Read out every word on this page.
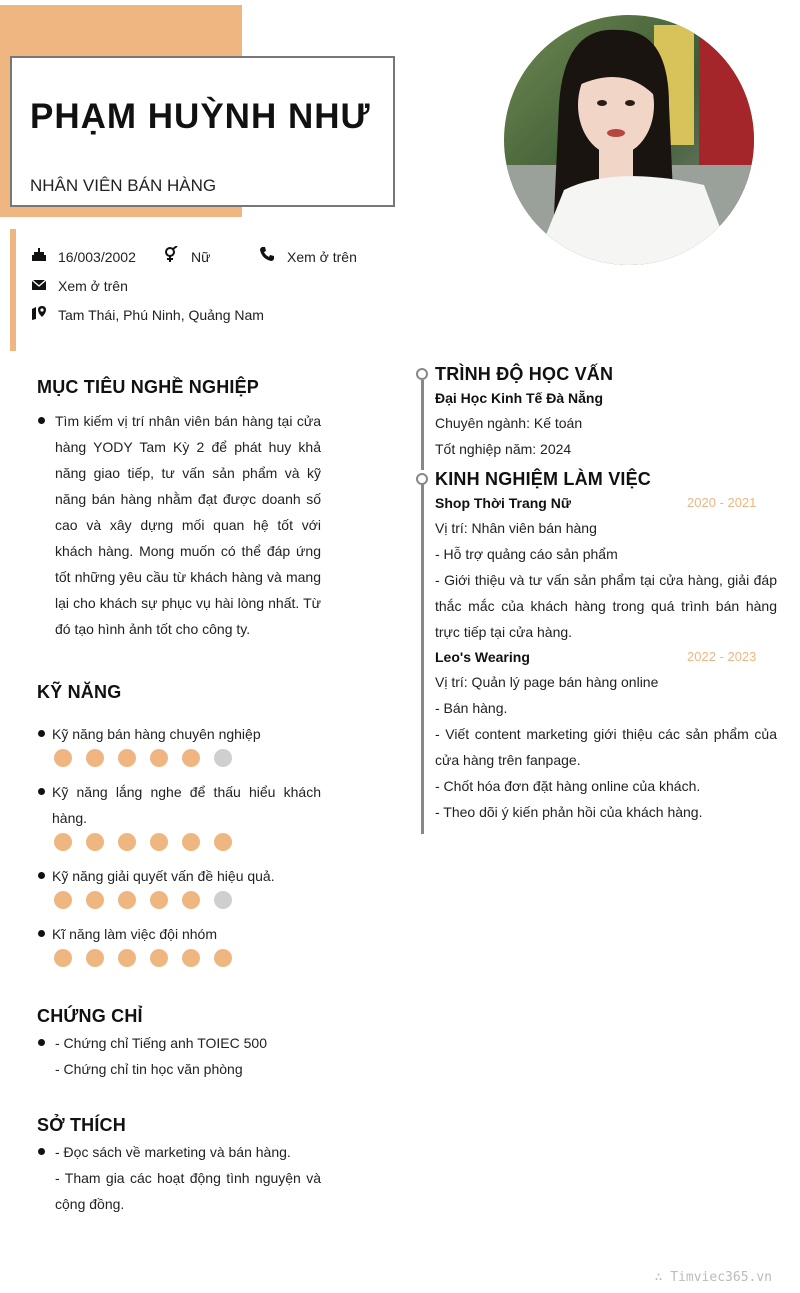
PHẠM HUỲNH NHƯ
NHÂN VIÊN BÁN HÀNG
16/003/2002	Nữ	Xem ở trên
Xem ở trên
Tam Thái, Phú Ninh, Quảng Nam
MỤC TIÊU NGHỀ NGHIỆP
Tìm kiếm vị trí nhân viên bán hàng tại cửa hàng YODY Tam Kỳ 2 để phát huy khả năng giao tiếp, tư vấn sản phẩm và kỹ năng bán hàng nhằm đạt được doanh số cao và xây dựng mối quan hệ tốt với khách hàng. Mong muốn có thể đáp ứng tốt những yêu cầu từ khách hàng và mang lại cho khách sự phục vụ hài lòng nhất. Từ đó tạo hình ảnh tốt cho công ty.
KỸ NĂNG
Kỹ năng bán hàng chuyên nghiệp
Kỹ năng lắng nghe để thấu hiểu khách hàng.
Kỹ năng giải quyết vấn đề hiệu quả.
Kĩ năng làm việc đội nhóm
CHỨNG CHỈ
- Chứng chỉ Tiếng anh TOIEC 500
- Chứng chỉ tin học văn phòng
SỞ THÍCH
- Đọc sách về marketing và bán hàng.
- Tham gia các hoạt động tình nguyện và cộng đồng.
TRÌNH ĐỘ HỌC VẤN
Đại Học Kinh Tế Đà Nẵng
Chuyên ngành: Kế toán
Tốt nghiệp năm: 2024
KINH NGHIỆM LÀM VIỆC
Shop Thời Trang Nữ	2020 - 2021
Vị trí: Nhân viên bán hàng
- Hỗ trợ quảng cáo sản phẩm
- Giới thiệu và tư vấn sản phẩm tại cửa hàng, giải đáp thắc mắc của khách hàng trong quá trình bán hàng trực tiếp tại cửa hàng.
Leo's Wearing	2022 - 2023
Vị trí: Quản lý page bán hàng online
- Bán hàng.
- Viết content marketing giới thiệu các sản phẩm của cửa hàng trên fanpage.
- Chốt hóa đơn đặt hàng online của khách.
- Theo dõi ý kiến phản hồi của khách hàng.
∴ Timviec365.vn
